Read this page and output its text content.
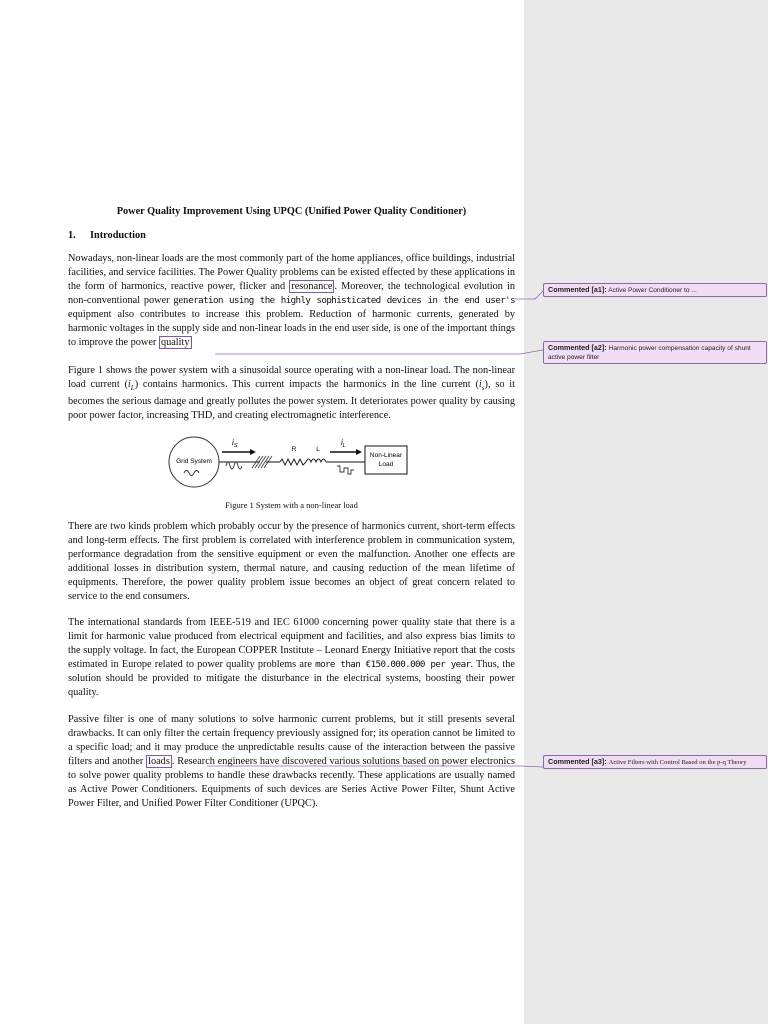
Power Quality Improvement Using UPQC (Unified Power Quality Conditioner)
1. Introduction

Nowadays, non-linear loads are the most commonly part of the home appliances, office buildings, industrial facilities, and service facilities. The Power Quality problems can be existed effected by these applications in the form of harmonics, reactive power, flicker and resonance . Moreover, the technological evolution in non-conventional power generation using the highly sophisticated devices in the end user's equipment also contributes to increase this problem. Reduction of harmonic currents, generated by harmonic voltages in the supply side and non-linear loads in the end user side, is one of the important things to improve the power quality

Figure 1 shows the power system with a sinusoidal source operating with a non-linear load. The non-linear load current $(i_L)$ contains harmonics. This current impacts the harmonics in the line current $(i_s)$, so it becomes the serious damage and greatly pollutes the power system. It deteriorates power quality by causing poor power factor, increasing THD, and creating electromagnetic interference.

Grid System
$i_S$	R	L
$i_L$
Non-Linear
Load
Figure 1 System with a non-linear load

There are two kinds problem which probably occur by the presence of harmonics current, short-term effects and long-term effects. The first problem is correlated with interference problem in communication system, performance degradation from the sensitive equipment or even the malfunction. Another one effects are additional losses in distribution system, thermal nature, and causing reduction of the mean lifetime of equipments. Therefore, the power quality problem issue becomes an object of great concern related to service to the end consumers.

The international standards from IEEE-519 and IEC 61000 concerning power quality state that there is a limit for harmonic value produced from electrical equipment and facilities, and also express bias limits to the supply voltage. In fact, the European COPPER Institute – Leonard Energy Initiative report that the costs estimated in Europe related to power quality problems are more than €150.000.000 per year. Thus, the solution should be provided to mitigate the disturbance in the electrical systems, boosting their power quality.

Passive filter is one of many solutions to solve harmonic current problems, but it still presents several drawbacks. It can only filter the certain frequency previously assigned for; its operation cannot be limited to a specific load; and it may produce the unpredictable results cause of the interaction between the passive filters and another loads . Research engineers have discovered various solutions based on power electronics to solve power quality problems to handle these drawbacks recently. These applications are usually named as Active Power Conditioners. Equipments of such devices are Series Active Power Filter, Shunt Active Power Filter, and Unified Power Filter Conditioner (UPQC).

Commented [a1]: Active Power Conditioner to ...
Commented [a2]: Harmonic power compensation capacity of shunt active power filter
Commented [a3]: Active Filters with Control Based on the p-q Theory
